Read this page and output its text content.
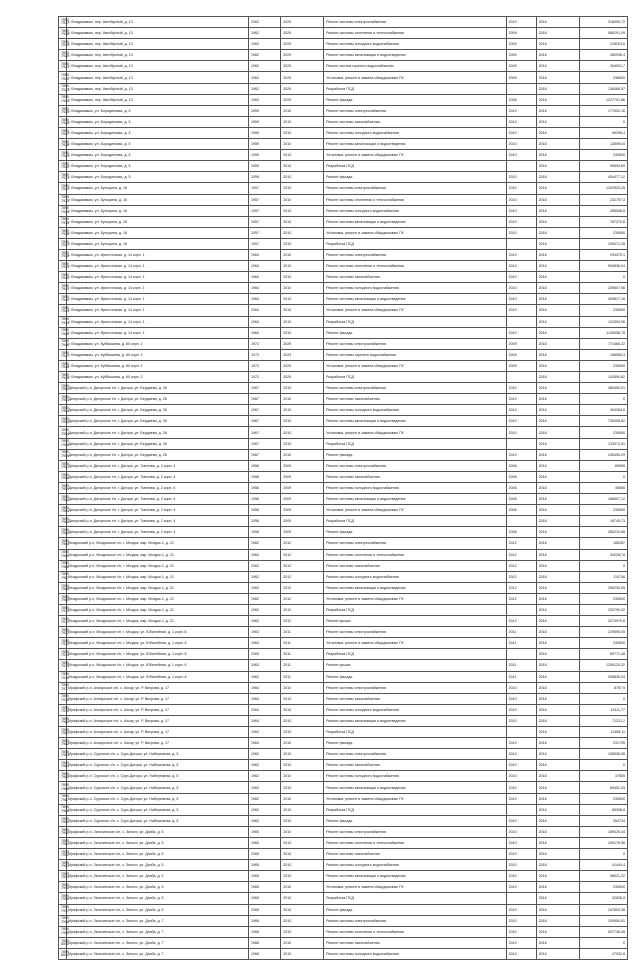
7890 7917	г. Владикавказ, пер. Автобусный, д. 13	1962	2029	Ремонт системы электроснабжения	2010	2016	318095,72
7890 7918	г. Владикавказ, пер. Автобусный, д. 13	1962	2029	Ремонт системы отопления и теплоснабжения	2009	2016	588191,09
7890 7919	г. Владикавказ, пер. Автобусный, д. 13	1962	2029	Ремонт системы холодного водоснабжения	2009	2016	218203,6
7890 7920	г. Владикавказ, пер. Автобусный, д. 13	1962	2029	Ремонт системы канализации и водоотведения	2009	2016	280936,4
7890 7921	г. Владикавказ, пер. Автобусный, д. 13	1962	2029	Ремонт систем горячего водоснабжения	2009	2016	264001,7
7890 7922	г. Владикавказ, пер. Автобусный, д. 13	1962	2029	Установка, ремонт и замена общедомовых ПУ	2009	2016	238600
7890 7923	г. Владикавказ, пер. Автобусный, д. 13	1962	2029	Разработка ПСД		2016	136466,57
7890 7924	г. Владикавказ, пер. Автобусный, д. 13	1962	2029	Ремонт фасада	2006	2016	1227701,86
7890 7925	г. Владикавказ, ул. Бородинская, д. 5	1959	2010	Ремонт системы электроснабжения	2010	2016	177602,16
7890 7926	г. Владикавказ, ул. Бородинская, д. 5	1959	2010	Ремонт системы газоснабжения	2010	2016	0
7890 7927	г. Владикавказ, ул. Бородинская, д. 5	1959	2010	Ремонт системы холодного водоснабжения	2010	2016	96298,4
7890 7928	г. Владикавказ, ул. Бородинская, д. 5	1959	2010	Ремонт системы канализации и водоотведения	2010	2016	128594,6
7890 7929	г. Владикавказ, ул. Бородинская, д. 5	1959	2010	Установка, ремонт и замена общедомовых ПУ	2010	2016	230600
7890 7930	г. Владикавказ, ул. Бородинская, д. 5	1959	2010	Разработка ПСД		2016	95594,69
7890 7931	г. Владикавказ, ул. Бородинская, д. 5	1959	2010	Ремонт фасада	2010	2016	454477,12
7890 7932	г. Владикавказ, ул. Бутырина, д. 16	1957	2010	Ремонт системы электроснабжения	2010	2016	1202920,25
7890 7933	г. Владикавказ, ул. Бутырина, д. 16	1957	2010	Ремонт системы отопления и теплоснабжения	2010	2016	232757,3
7890 7934	г. Владикавказ, ул. Бутырина, д. 16	1957	2010	Ремонт системы холодного водоснабжения	2010	2016	455548,8
7890 7935	г. Владикавказ, ул. Бутырина, д. 16	1957	2010	Ремонт системы канализации и водоотведения	2010	2016	787270,6
7890 7936	г. Владикавказ, ул. Бутырина, д. 16	1957	2010	Установка, ремонт и замена общедомовых ПУ	2010	2016	230600
7890 7937	г. Владикавказ, ул. Бутырина, д. 16	1957	2010	Разработка ПСД		2016	109471,28
7890 7938	г. Владикавказ, ул. Иристонская, д. 14 корп. 1	1964	2010	Ремонт системы электроснабжения	2010	2016	294370,1
7890 7939	г. Владикавказ, ул. Иристонская, д. 14 корп. 1	1964	2010	Ремонт системы отопления и теплоснабжения	2010	2016	594836,04
7890 7940	г. Владикавказ, ул. Иристонская, д. 14 корп. 1	1964	2010	Ремонт системы газоснабжения	2010	2016	0
7890 7941	г. Владикавказ, ул. Иристонская, д. 14 корп. 1	1964	2010	Ремонт системы холодного водоснабжения	2010	2016	249607,56
7890 7942	г. Владикавказ, ул. Иристонская, д. 14 корп. 1	1964	2010	Ремонт системы канализации и водоотведения	2010	2016	409817,16
7890 7943	г. Владикавказ, ул. Иристонская, д. 14 корп. 1	1964	2010	Установка, ремонт и замена общедомовых ПУ	2010	2016	230600
7890 7944	г. Владикавказ, ул. Иристонская, д. 14 корп. 1	1964	2010	Разработка ПСД		2016	122393,96
7890 7945	г. Владикавказ, ул. Иристонская, д. 14 корп. 1	1964	2010	Ремонт фасада	2010	2016	1149058,78
7890 7946	г. Владикавказ, ул. Куйбышева, д. 60 корп. 2	1972	2029	Ремонт системы электроснабжения	2009	2016	771466,22
7890 7947	г. Владикавказ, ул. Куйбышева, д. 60 корп. 2	1972	2029	Ремонт системы горячего водоснабжения	2009	2016	168565,3
7890 7948	г. Владикавказ, ул. Куйбышева, д. 60 корп. 2	1972	2029	Установка, ремонт и замена общедомовых ПУ	2009	2016	230600
7890 7949	г. Владикавказ, ул. Куйбышева, д. 60 корп. 2	1972	2029	Разработка ПСД		2016	142690,62
7890 7950	Дигорский р-н, Дигорское г/п, г. Дигора, ул. Бердиева, д. 26	1967	2010	Ремонт системы электроснабжения	2010	2016	480450,01
7890 7951	Дигорский р-н, Дигорское г/п, г. Дигора, ул. Бердиева, д. 26	1967	2010	Ремонт системы газоснабжения	2010	2016	0
7890 7952	Дигорский р-н, Дигорское г/п, г. Дигора, ул. Бердиева, д. 26	1967	2010	Ремонт системы холодного водоснабжения	2010	2016	404284,6
7890 7953	Дигорский р-н, Дигорское г/п, г. Дигора, ул. Бердиева, д. 26	1967	2010	Ремонт системы канализации и водоотведения	2010	2016	735308,82
7890 7954	Дигорский р-н, Дигорское г/п, г. Дигора, ул. Бердиева, д. 26	1967	2010	Установка, ремонт и замена общедомовых ПУ	2010	2016	230600
7890 7955	Дигорский р-н, Дигорское г/п, г. Дигора, ул. Бердиева, д. 26	1967	2010	Разработка ПСД		2016	133074,51
7890 7956	Дигорский р-н, Дигорское г/п, г. Дигора, ул. Бердиева, д. 26	1967	2010	Ремонт фасада	2010	2016	245495,29
7890 7957	Дигорский р-н, Дигорское г/п, г. Дигора, ул. Тменова, д. 2 корп. 4	1956	2009	Ремонт системы электроснабжения	2006	2016	65605
7890 7958	Дигорский р-н, Дигорское г/п, г. Дигора, ул. Тменова, д. 2 корп. 4	1956	2009	Ремонт системы газоснабжения	2006	2016	0
7890 7959	Дигорский р-н, Дигорское г/п, г. Дигора, ул. Тменова, д. 2 корп. 4	1956	2009	Ремонт системы холодного водоснабжения	2006	2016	49856
7890 7960	Дигорский р-н, Дигорское г/п, г. Дигора, ул. Тменова, д. 2 корп. 4	1956	2009	Ремонт системы канализации и водоотведения	2006	2016	186607,12
7890 7961	Дигорский р-н, Дигорское г/п, г. Дигора, ул. Тменова, д. 2 корп. 4	1956	2009	Установка, ремонт и замена общедомовых ПУ	2006	2016	230600
7890 7962	Дигорский р-н, Дигорское г/п, г. Дигора, ул. Тменова, д. 2 корп. 4	1956	2009	Разработка ПСД		2016	16745,73
7890 7963	Дигорский р-н, Дигорское г/п, г. Дигора, ул. Тменова, д. 2 корп. 4	1956	2009	Ремонт фасада	2006	2016	280210,88
7890 7964	Моздокский р-н, Моздокское г/п, г. Моздок, мкр. Моздок-1, д. 21	1962	2012	Ремонт системы электроснабжения	2012	2016	186287
7890 7965	Моздокский р-н, Моздокское г/п, г. Моздок, мкр. Моздок-1, д. 21	1962	2012	Ремонт системы отопления и теплоснабжения	2012	2016	342287,6
7890 7966	Моздокский р-н, Моздокское г/п, г. Моздок, мкр. Моздок-1, д. 21	1962	2012	Ремонт системы газоснабжения	2012	2016	0
7890 7967	Моздокский р-н, Моздокское г/п, г. Моздок, мкр. Моздок-1, д. 21	1962	2012	Ремонт системы холодного водоснабжения	2012	2016	110746
7890 7968	Моздокский р-н, Моздокское г/п, г. Моздок, мкр. Моздок-1, д. 21	1962	2012	Ремонт системы канализации и водоотведения	2012	2016	296230,05
7890 7969	Моздокский р-н, Моздокское г/п, г. Моздок, мкр. Моздок-1, д. 21	1962	2012	Установка, ремонт и замена общедомовых ПУ	2012	2016	230600
7890 7970	Моздокский р-н, Моздокское г/п, г. Моздок, мкр. Моздок-1, д. 21	1962	2012	Разработка ПСД		2016	220790,02
7890 7971	Моздокский р-н, Моздокское г/п, г. Моздок, мкр. Моздок-1, д. 21	1962	2012	Ремонт крыши	2012	2016	3274970,6
7890 7972	Моздокский р-н, Моздокское г/п, г. Моздок, ул. Юбилейная, д. 1 корп. 6	1963	2011	Ремонт системы электроснабжения	2011	2016	229595,05
7890 7973	Моздокский р-н, Моздокское г/п, г. Моздок, ул. Юбилейная, д. 1 корп. 6	1963	2011	Установка, ремонт и замена общедомовых ПУ	2011	2016	230600
7890 7974	Моздокский р-н, Моздокское г/п, г. Моздок, ул. Юбилейная, д. 1 корп. 6	1963	2011	Разработка ПСД		2016	89771,48
7890 7975	Моздокский р-н, Моздокское г/п, г. Моздок, ул. Юбилейная, д. 1 корп. 6	1963	2011	Ремонт крыши	2011	2016	1259120,32
7890 7976	Моздокский р-н, Моздокское г/п, г. Моздок, ул. Юбилейная, д. 1 корп. 6	1963	2011	Ремонт фасада	2011	2016	396836,04
7890 7977	Ирафский р-н, Ахсаухское с/п, с. Ахсау, ул. Р. Вихрова, д. 17	1964	2010	Ремонт системы электроснабжения	2010	2016	8767,9
7890 7978	Ирафский р-н, Ахсаухское с/п, с. Ахсау, ул. Р. Вихрова, д. 17	1964	2010	Ремонт системы газоснабжения	2010	2016	0
7890 7979	Ирафский р-н, Ахсаухское с/п, с. Ахсау, ул. Р. Вихрова, д. 17	1964	2010	Ремонт системы холодного водоснабжения	2010	2016	43111,77
7890 7980	Ирафский р-н, Ахсаухское с/п, с. Ахсау, ул. Р. Вихрова, д. 17	1964	2010	Ремонт системы канализации и водоотведения	2010	2016	71221,2
7890 7981	Ирафский р-н, Ахсаухское с/п, с. Ахсау, ул. Р. Вихрова, д. 17	1964	2010	Разработка ПСД		2016	11458,11
7890 7982	Ирафский р-н, Ахсаухское с/п, с. Ахсау, ул. Р. Вихрова, д. 17	1964	2010	Ремонт фасада	2010	2016	231795
7890 7983	Ирафский р-н, Сурхское с/п, с. Сурх-Дигора, ул. Набережная, д. 5	1962	2010	Ремонт системы электроснабжения	2010	2016	108536,55
7890 7984	Ирафский р-н, Сурхское с/п, с. Сурх-Дигора, ул. Набережная, д. 5	1962	2010	Ремонт системы газоснабжения	2010	2016	0
7890 7985	Ирафский р-н, Сурхское с/п, с. Сурх-Дигора, ул. Набережная, д. 5	1962	2010	Ремонт системы холодного водоснабжения	2010	2016	37655
7890 7986	Ирафский р-н, Сурхское с/п, с. Сурх-Дигора, ул. Набережная, д. 5	1962	2010	Ремонт системы канализации и водоотведения	2010	2016	89451,93
7890 7987	Ирафский р-н, Сурхское с/п, с. Сурх-Дигора, ул. Набережная, д. 5	1962	2010	Установка, ремонт и замена общедомовых ПУ	2010	2016	230600
7890 7988	Ирафский р-н, Сурхское с/п, с. Сурх-Дигора, ул. Набережная, д. 5	1962	2010	Разработка ПСД		2016	65398,8
7890 7989	Ирафский р-н, Сурхское с/п, с. Сурх-Дигора, ул. Набережная, д. 5	1962	2010	Ремонт фасада	2010	2016	264734
7890 7990	Ирафский р-н, Зильгинское с/п, с. Зильги, ул. Дзиба, д. 5	1965	2010	Ремонт системы электроснабжения	2010	2016	189026,44
7890 7991	Ирафский р-н, Зильгинское с/п, с. Зильги, ул. Дзиба, д. 5	1965	2010	Ремонт системы отопления и теплоснабжения	2010	2016	435176,96
7890 7992	Ирафский р-н, Зильгинское с/п, с. Зильги, ул. Дзиба, д. 5	1965	2010	Ремонт системы газоснабжения	2010	2016	0
7890 7993	Ирафский р-н, Зильгинское с/п, с. Зильги, ул. Дзиба, д. 5	1965	2010	Ремонт системы холодного водоснабжения	2010	2016	41444,4
7890 7994	Ирафский р-н, Зильгинское с/п, с. Зильги, ул. Дзиба, д. 5	1965	2010	Ремонт системы канализации и водоотведения	2010	2016	98021,22
7890 7995	Ирафский р-н, Зильгинское с/п, с. Зильги, ул. Дзиба, д. 5	1965	2010	Установка, ремонт и замена общедомовых ПУ	2010	2016	230600
7890 7996	Ирафский р-н, Зильгинское с/п, с. Зильги, ул. Дзиба, д. 5	1965	2010	Разработка ПСД		2016	32836,9
7890 7997	Ирафский р-н, Зильгинское с/п, с. Зильги, ул. Дзиба, д. 5	1965	2010	Ремонт фасада	2010	2016	247853,38
7890 7998	Ирафский р-н, Зильгинское с/п, с. Зильги, ул. Дзиба, д. 7	1966	2010	Ремонт системы электроснабжения	2010	2016	209950,81
7890 7999	Ирафский р-н, Зильгинское с/п, с. Зильги, ул. Дзиба, д. 7	1966	2010	Ремонт системы отопления и теплоснабжения	2010	2016	537738,48
7890 8000	Ирафский р-н, Зильгинское с/п, с. Зильги, ул. Дзиба, д. 7	1966	2010	Ремонт системы газоснабжения	2010	2016	0
7890 8001	Ирафский р-н, Зильгинское с/п, с. Зильги, ул. Дзиба, д. 7	1966	2010	Ремонт системы холодного водоснабжения	2010	2016	47932,8
